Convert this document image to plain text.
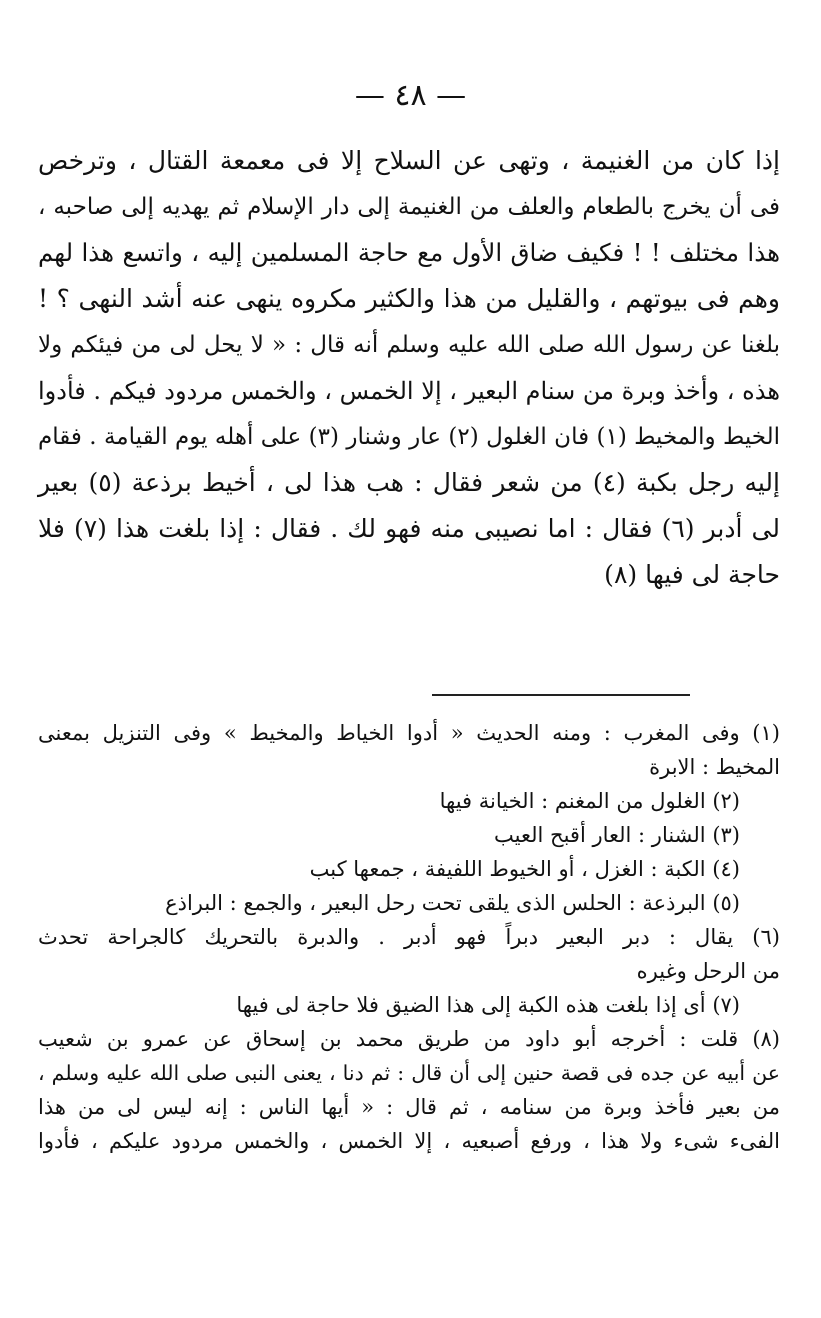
— ٤٨ —
إذا كان من الغنيمة ، وتهى عن السلاح إلا فى معمعة القتال ، وترخص
فى أن يخرج بالطعام والعلف من الغنيمة إلى دار الإسلام ثم يهديه إلى صاحبه ،
هذا مختلف ! ! فكيف ضاق الأول مع حاجة المسلمين إليه ، واتسع هذا لهم
وهم فى بيوتهم ، والقليل من هذا والكثير مكروه ينهى عنه أشد النهى ؟ !
بلغنا عن رسول الله صلى الله عليه وسلم أنه قال : « لا يحل لى من فيئكم ولا
هذه ، وأخذ وبرة من سنام البعير ، إلا الخمس ، والخمس مردود فيكم . فأدوا
الخيط والمخيط (١) فان الغلول (٢) عار وشنار (٣) على أهله يوم القيامة . فقام
إليه رجل بكبة (٤) من شعر فقال : هب هذا لى ، أخيط برذعة (٥) بعير
لى أدبر (٦) فقال : اما نصيبى منه فهو لك . فقال : إذا بلغت هذا (٧) فلا
حاجة لى فيها (٨)
(١) وفى المغرب : ومنه الحديث « أدوا الخياط والمخيط » وفى التنزيل بمعنى
المخيط : الابرة
(٢) الغلول من المغنم : الخيانة فيها
(٣) الشنار : العار أقبح العيب
(٤) الكبة : الغزل ، أو الخيوط اللفيفة ، جمعها كبب
(٥) البرذعة : الحلس الذى يلقى تحت رحل البعير ، والجمع : البراذع
(٦) يقال : دبر البعير دبراً فهو أدبر . والدبرة بالتحريك كالجراحة تحدث
من الرحل وغيره
(٧) أى إذا بلغت هذه الكبة إلى هذا الضيق فلا حاجة لى فيها
(٨) قلت : أخرجه أبو داود من طريق محمد بن إسحاق عن عمرو بن شعيب
عن أبيه عن جده فى قصة حنين إلى أن قال : ثم دنا ، يعنى النبى صلى الله عليه وسلم ،
من بعير فأخذ وبرة من سنامه ، ثم قال : « أيها الناس : إنه ليس لى من هذا
الفىء شىء ولا هذا ، ورفع أصبعيه ، إلا الخمس ، والخمس مردود عليكم ، فأدوا
